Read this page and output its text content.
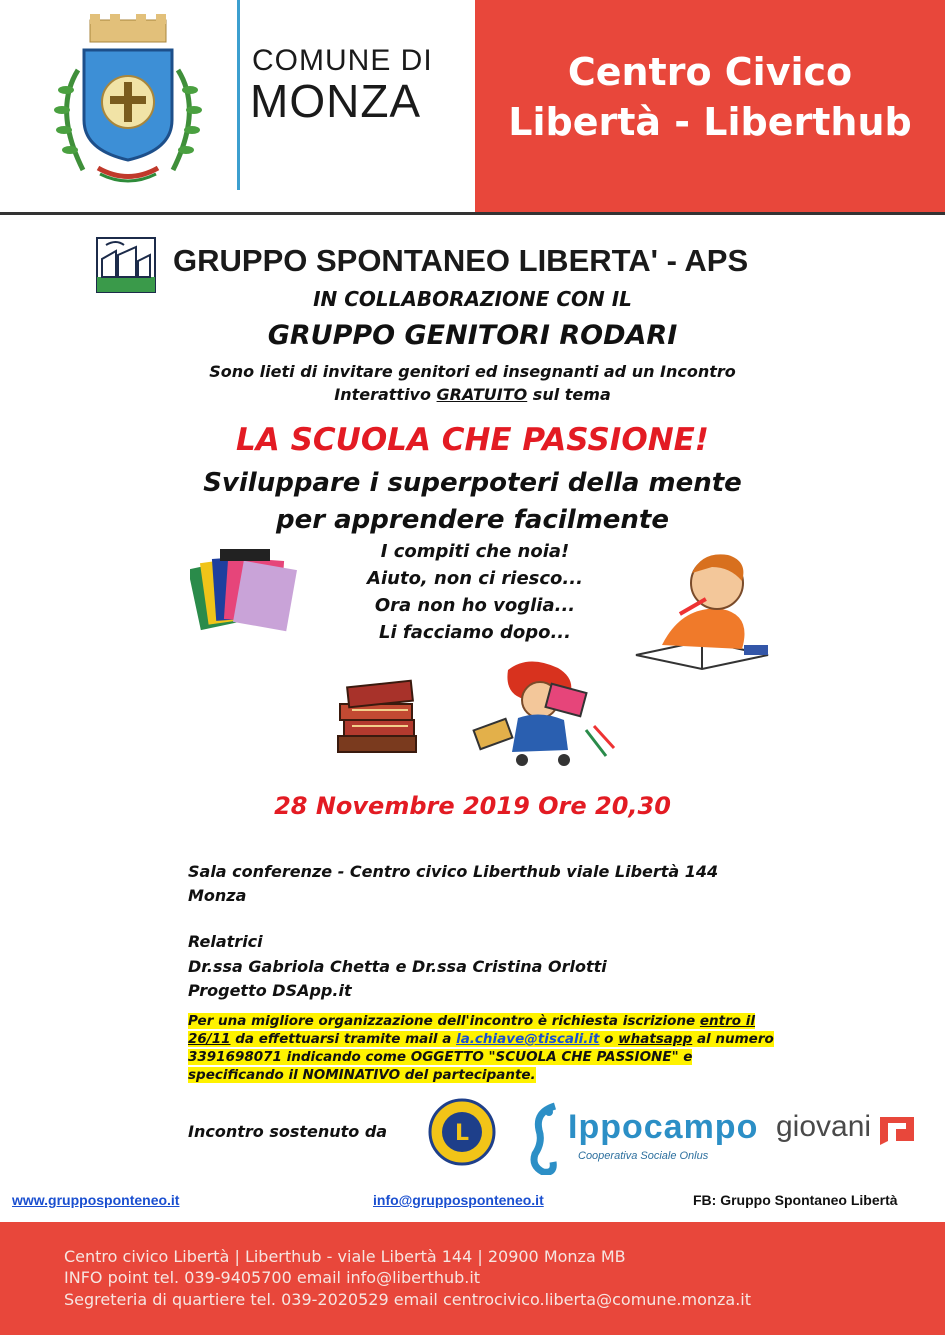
COMUNE DI
MONZA
Centro Civico
Libertà - Liberthub
GRUPPO SPONTANEO LIBERTA' - APS
IN COLLABORAZIONE CON IL
GRUPPO GENITORI RODARI
Sono lieti di invitare genitori ed insegnanti ad un Incontro
Interattivo GRATUITO sul tema
LA SCUOLA CHE PASSIONE!
Sviluppare i superpoteri della mente
per apprendere facilmente
I compiti che noia!
Aiuto, non ci riesco...
Ora non ho voglia...
Li facciamo dopo...
28 Novembre 2019 Ore 20,30
Sala conferenze - Centro civico Liberthub viale Libertà 144
Monza
Relatrici
Dr.ssa Gabriola Chetta e Dr.ssa Cristina Orlotti
Progetto DSApp.it
Per una migliore organizzazione dell'incontro è richiesta iscrizione entro il 26/11 da effettuarsi tramite mail a la.chiave@tiscali.it o whatsapp al numero 3391698071 indicando come OGGETTO "SCUOLA CHE PASSIONE" e specificando il NOMINATIVO del partecipante.
Incontro sostenuto da	L	Ippocampo
Cooperativa Sociale Onlus
giovani
www.grupposponteneo.it	info@grupposponteneo.it	FB: Gruppo Spontaneo Libertà
Centro civico Libertà | Liberthub - viale Libertà 144 | 20900 Monza MB
INFO point tel. 039-9405700 email info@liberthub.it
Segreteria di quartiere tel. 039-2020529 email centrocivico.liberta@comune.monza.it
